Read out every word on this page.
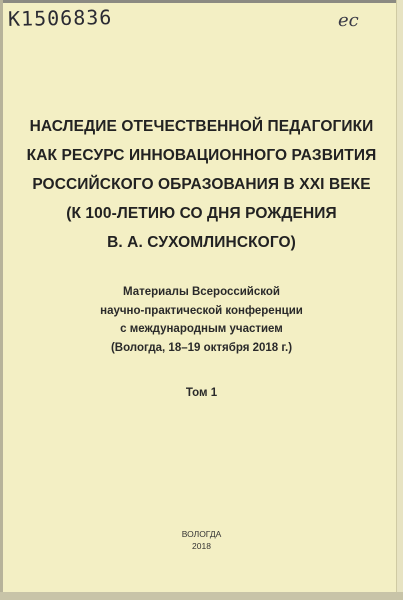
K1506836	ec
НАСЛЕДИЕ ОТЕЧЕСТВЕННОЙ ПЕДАГОГИКИ
КАК РЕСУРС ИННОВАЦИОННОГО РАЗВИТИЯ
РОССИЙСКОГО ОБРАЗОВАНИЯ В XXI ВЕКЕ
(К 100-ЛЕТИЮ СО ДНЯ РОЖДЕНИЯ
В. А. СУХОМЛИНСКОГО)
Материалы Всероссийской
научно-практической конференции
с международным участием
(Вологда, 18–19 октября 2018 г.)
Том 1
ВОЛОГДА
2018
